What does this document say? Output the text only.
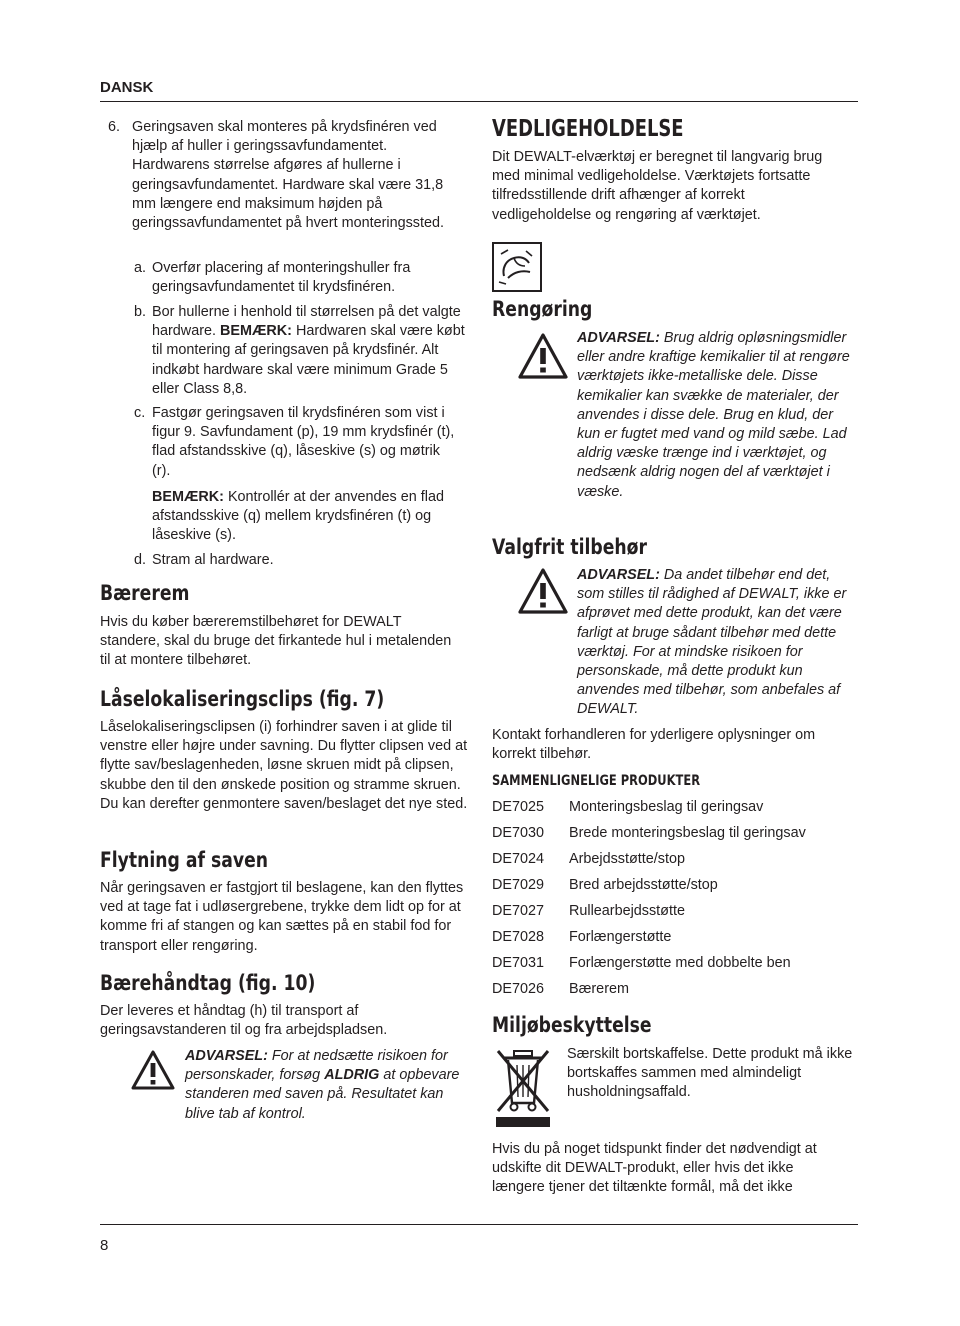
DANSK
6. Geringsaven skal monteres på krydsfinéren ved hjælp af huller i geringssavfundamentet. Hardwarens størrelse afgøres af hullerne i geringsavfundamentet. Hardware skal være 31,8 mm længere end maksimum højden på geringssavfundamentet på hvert monteringssted.
a. Overfør placering af monteringshuller fra geringsavfundamentet til krydsfinéren.
b. Bor hullerne i henhold til størrelsen på det valgte hardware. BEMÆRK: Hardwaren skal være købt til montering af geringsaven på krydsfinér. Alt indkøbt hardware skal være minimum Grade 5 eller Class 8,8.
c. Fastgør geringsaven til krydsfinéren som vist i figur 9. Savfundament (p), 19 mm krydsfinér (t), flad afstandsskive (q), låseskive (s) og møtrik (r).
BEMÆRK: Kontrollér at der anvendes en flad afstandsskive (q) mellem krydsfinéren (t) og låseskive (s).
d. Stram al hardware.
Bærerem
Hvis du køber bæreremstilbehøret for DEWALT standere, skal du bruge det firkantede hul i metalenden til at montere tilbehøret.
Låselokaliseringsclips (fig. 7)
Låselokaliseringsclipsen (i) forhindrer saven i at glide til venstre eller højre under savning. Du flytter clipsen ved at flytte sav/beslagenheden, løsne skruen midt på clipsen, skubbe den til den ønskede position og stramme skruen. Du kan derefter genmontere saven/beslaget det nye sted.
Flytning af saven
Når geringsaven er fastgjort til beslagene, kan den flyttes ved at tage fat i udløsergrebene, trykke dem lidt op for at komme fri af stangen og kan sættes på en stabil fod for transport eller rengøring.
Bærehåndtag (fig. 10)
Der leveres et håndtag (h) til transport af geringsavstanderen til og fra arbejdspladsen.
ADVARSEL: For at nedsætte risikoen for personskader, forsøg ALDRIG at opbevare standeren med saven på. Resultatet kan blive tab af kontrol.
VEDLIGEHOLDELSE
Dit DEWALT-elværktøj er beregnet til langvarig brug med minimal vedligeholdelse. Værktøjets fortsatte tilfredsstillende drift afhænger af korrekt vedligeholdelse og rengøring af værktøjet.
Rengøring
ADVARSEL: Brug aldrig opløsningsmidler eller andre kraftige kemikalier til at rengøre værktøjets ikke-metalliske dele. Disse kemikalier kan svække de materialer, der anvendes i disse dele. Brug en klud, der kun er fugtet med vand og mild sæbe. Lad aldrig væske trænge ind i værktøjet, og nedsænk aldrig nogen del af værktøjet i væske.
Valgfrit tilbehør
ADVARSEL: Da andet tilbehør end det, som stilles til rådighed af DEWALT, ikke er afprøvet med dette produkt, kan det være farligt at bruge sådant tilbehør med dette værktøj. For at mindske risikoen for personskade, må dette produkt kun anvendes med tilbehør, som anbefales af DEWALT.
Kontakt forhandleren for yderligere oplysninger om korrekt tilbehør.
SAMMENLIGNELIGE PRODUKTER
DE7025	Monteringsbeslag til geringsav
DE7030	Brede monteringsbeslag til geringsav
DE7024	Arbejdsstøtte/stop
DE7029	Bred arbejdsstøtte/stop
DE7027	Rullearbejdsstøtte
DE7028	Forlængerstøtte
DE7031	Forlængerstøtte med dobbelte ben
DE7026	Bærerem
Miljøbeskyttelse
Særskilt bortskaffelse. Dette produkt må ikke bortskaffes sammen med almindeligt husholdningsaffald.
Hvis du på noget tidspunkt finder det nødvendigt at udskifte dit DEWALT-produkt, eller hvis det ikke længere tjener det tiltænkte formål, må det ikke
8
